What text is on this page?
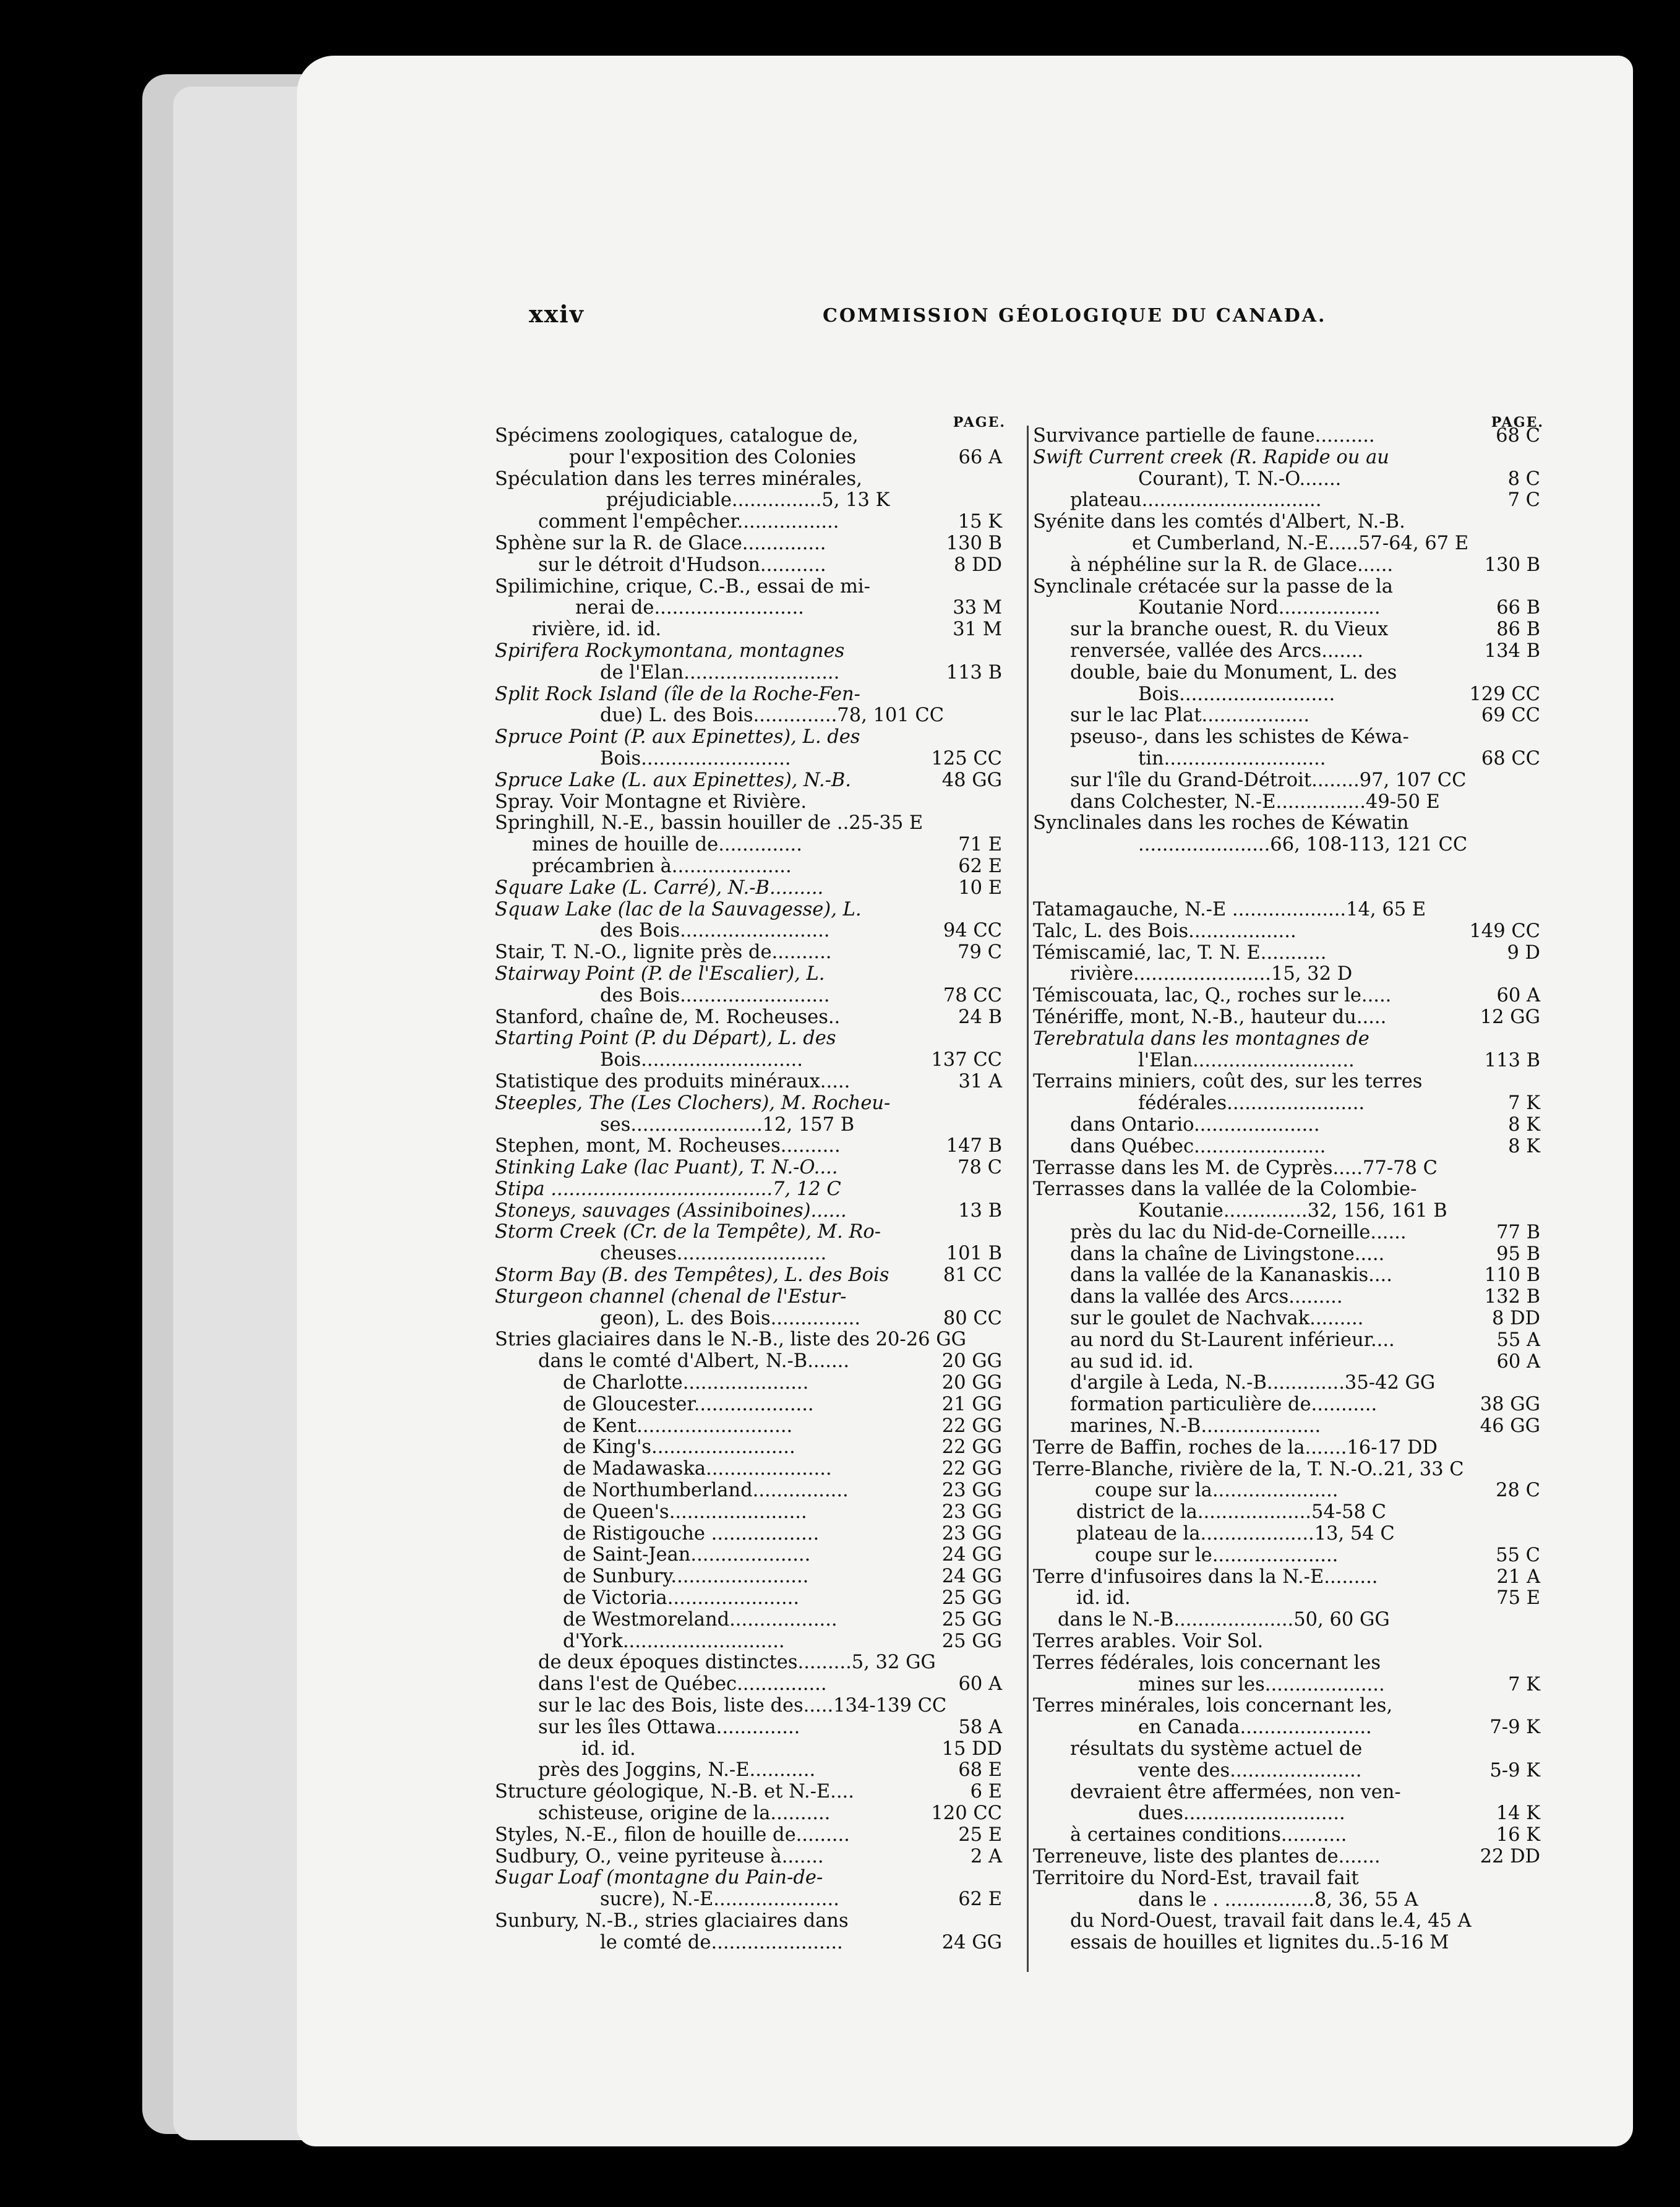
xxiv	COMMISSION GÉOLOGIQUE DU CANADA.
PAGE.
Spécimens zoologiques, catalogue de,
pour l'exposition des Colonies	66 A
Spéculation dans les terres minérales,
préjudiciable...............5, 13 K
comment l'empêcher.................	15 K
Sphène sur la R. de Glace..............	130 B
sur le détroit d'Hudson...........	8 DD
Spilimichine, crique, C.-B., essai de mi-
nerai de.........................	33 M
rivière, id. id.	31 M
Spirifera Rockymontana, montagnes
de l'Elan..........................	113 B
Split Rock Island (île de la Roche-Fen-
due) L. des Bois..............78, 101 CC
Spruce Point (P. aux Epinettes), L. des
Bois.........................	125 CC
Spruce Lake (L. aux Epinettes), N.-B.	48 GG
Spray. Voir Montagne et Rivière.
Springhill, N.-E., bassin houiller de ..25-35 E
mines de houille de..............	71 E
précambrien à....................	62 E
Square Lake (L. Carré), N.-B.........	10 E
Squaw Lake (lac de la Sauvagesse), L.
des Bois.........................	94 CC
Stair, T. N.-O., lignite près de..........	79 C
Stairway Point (P. de l'Escalier), L.
des Bois.........................	78 CC
Stanford, chaîne de, M. Rocheuses..	24 B
Starting Point (P. du Départ), L. des
Bois...........................	137 CC
Statistique des produits minéraux.....	31 A
Steeples, The (Les Clochers), M. Rocheu-
ses......................12, 157 B
Stephen, mont, M. Rocheuses..........	147 B
Stinking Lake (lac Puant), T. N.-O....	78 C
Stipa .....................................7, 12 C
Stoneys, sauvages (Assiniboines)......	13 B
Storm Creek (Cr. de la Tempête), M. Ro-
cheuses.........................	101 B
Storm Bay (B. des Tempêtes), L. des Bois	81 CC
Sturgeon channel (chenal de l'Estur-
geon), L. des Bois...............	80 CC
Stries glaciaires dans le N.-B., liste des 20-26 GG
dans le comté d'Albert, N.-B.......	20 GG
de Charlotte.....................	20 GG
de Gloucester....................	21 GG
de Kent..........................	22 GG
de King's........................	22 GG
de Madawaska.....................	22 GG
de Northumberland................	23 GG
de Queen's.......................	23 GG
de Ristigouche ..................	23 GG
de Saint-Jean....................	24 GG
de Sunbury.......................	24 GG
de Victoria......................	25 GG
de Westmoreland..................	25 GG
d'York...........................	25 GG
de deux époques distinctes.........5, 32 GG
dans l'est de Québec...............	60 A
sur le lac des Bois, liste des.....134-139 CC
sur les îles Ottawa..............	58 A
id. id.	15 DD
près des Joggins, N.-E...........	68 E
Structure géologique, N.-B. et N.-E....	6 E
schisteuse, origine de la..........	120 CC
Styles, N.-E., filon de houille de.........	25 E
Sudbury, O., veine pyriteuse à.......	2 A
Sugar Loaf (montagne du Pain-de-
sucre), N.-E.....................	62 E
Sunbury, N.-B., stries glaciaires dans
le comté de......................	24 GG
PAGE.
Survivance partielle de faune..........	68 C
Swift Current creek (R. Rapide ou au
Courant), T. N.-O.......	8 C
plateau..............................	7 C
Syénite dans les comtés d'Albert, N.-B.
et Cumberland, N.-E.....57-64, 67 E
à néphéline sur la R. de Glace......	130 B
Synclinale crétacée sur la passe de la
Koutanie Nord.................	66 B
sur la branche ouest, R. du Vieux	86 B
renversée, vallée des Arcs.......	134 B
double, baie du Monument, L. des
Bois..........................	129 CC
sur le lac Plat..................	69 CC
pseuso-, dans les schistes de Kéwa-
tin...........................	68 CC
sur l'île du Grand-Détroit........97, 107 CC
dans Colchester, N.-E...............49-50 E
Synclinales dans les roches de Kéwatin
......................66, 108-113, 121 CC
Tatamagauche, N.-E ...................14, 65 E
Talc, L. des Bois..................	149 CC
Témiscamié, lac, T. N. E...........	9 D
rivière.......................15, 32 D
Témiscouata, lac, Q., roches sur le.....	60 A
Ténériffe, mont, N.-B., hauteur du.....	12 GG
Terebratula dans les montagnes de
l'Elan...........................	113 B
Terrains miniers, coût des, sur les terres
fédérales.......................	7 K
dans Ontario.....................	8 K
dans Québec......................	8 K
Terrasse dans les M. de Cyprès.....77-78 C
Terrasses dans la vallée de la Colombie-
Koutanie..............32, 156, 161 B
près du lac du Nid-de-Corneille......	77 B
dans la chaîne de Livingstone.....	95 B
dans la vallée de la Kananaskis....	110 B
dans la vallée des Arcs.........	132 B
sur le goulet de Nachvak.........	8 DD
au nord du St-Laurent inférieur....	55 A
au sud id. id.	60 A
d'argile à Leda, N.-B.............35-42 GG
formation particulière de...........	38 GG
marines, N.-B....................	46 GG
Terre de Baffin, roches de la.......16-17 DD
Terre-Blanche, rivière de la, T. N.-O..21, 33 C
coupe sur la.....................	28 C
district de la...................54-58 C
plateau de la...................13, 54 C
coupe sur le.....................	55 C
Terre d'infusoires dans la N.-E.........	21 A
id. id.	75 E
dans le N.-B....................50, 60 GG
Terres arables. Voir Sol.
Terres fédérales, lois concernant les
mines sur les....................	7 K
Terres minérales, lois concernant les,
en Canada......................	7-9 K
résultats du système actuel de
vente des......................	5-9 K
devraient être affermées, non ven-
dues...........................	14 K
à certaines conditions...........	16 K
Terreneuve, liste des plantes de.......	22 DD
Territoire du Nord-Est, travail fait
dans le . ...............8, 36, 55 A
du Nord-Ouest, travail fait dans le.4, 45 A
essais de houilles et lignites du..5-16 M
